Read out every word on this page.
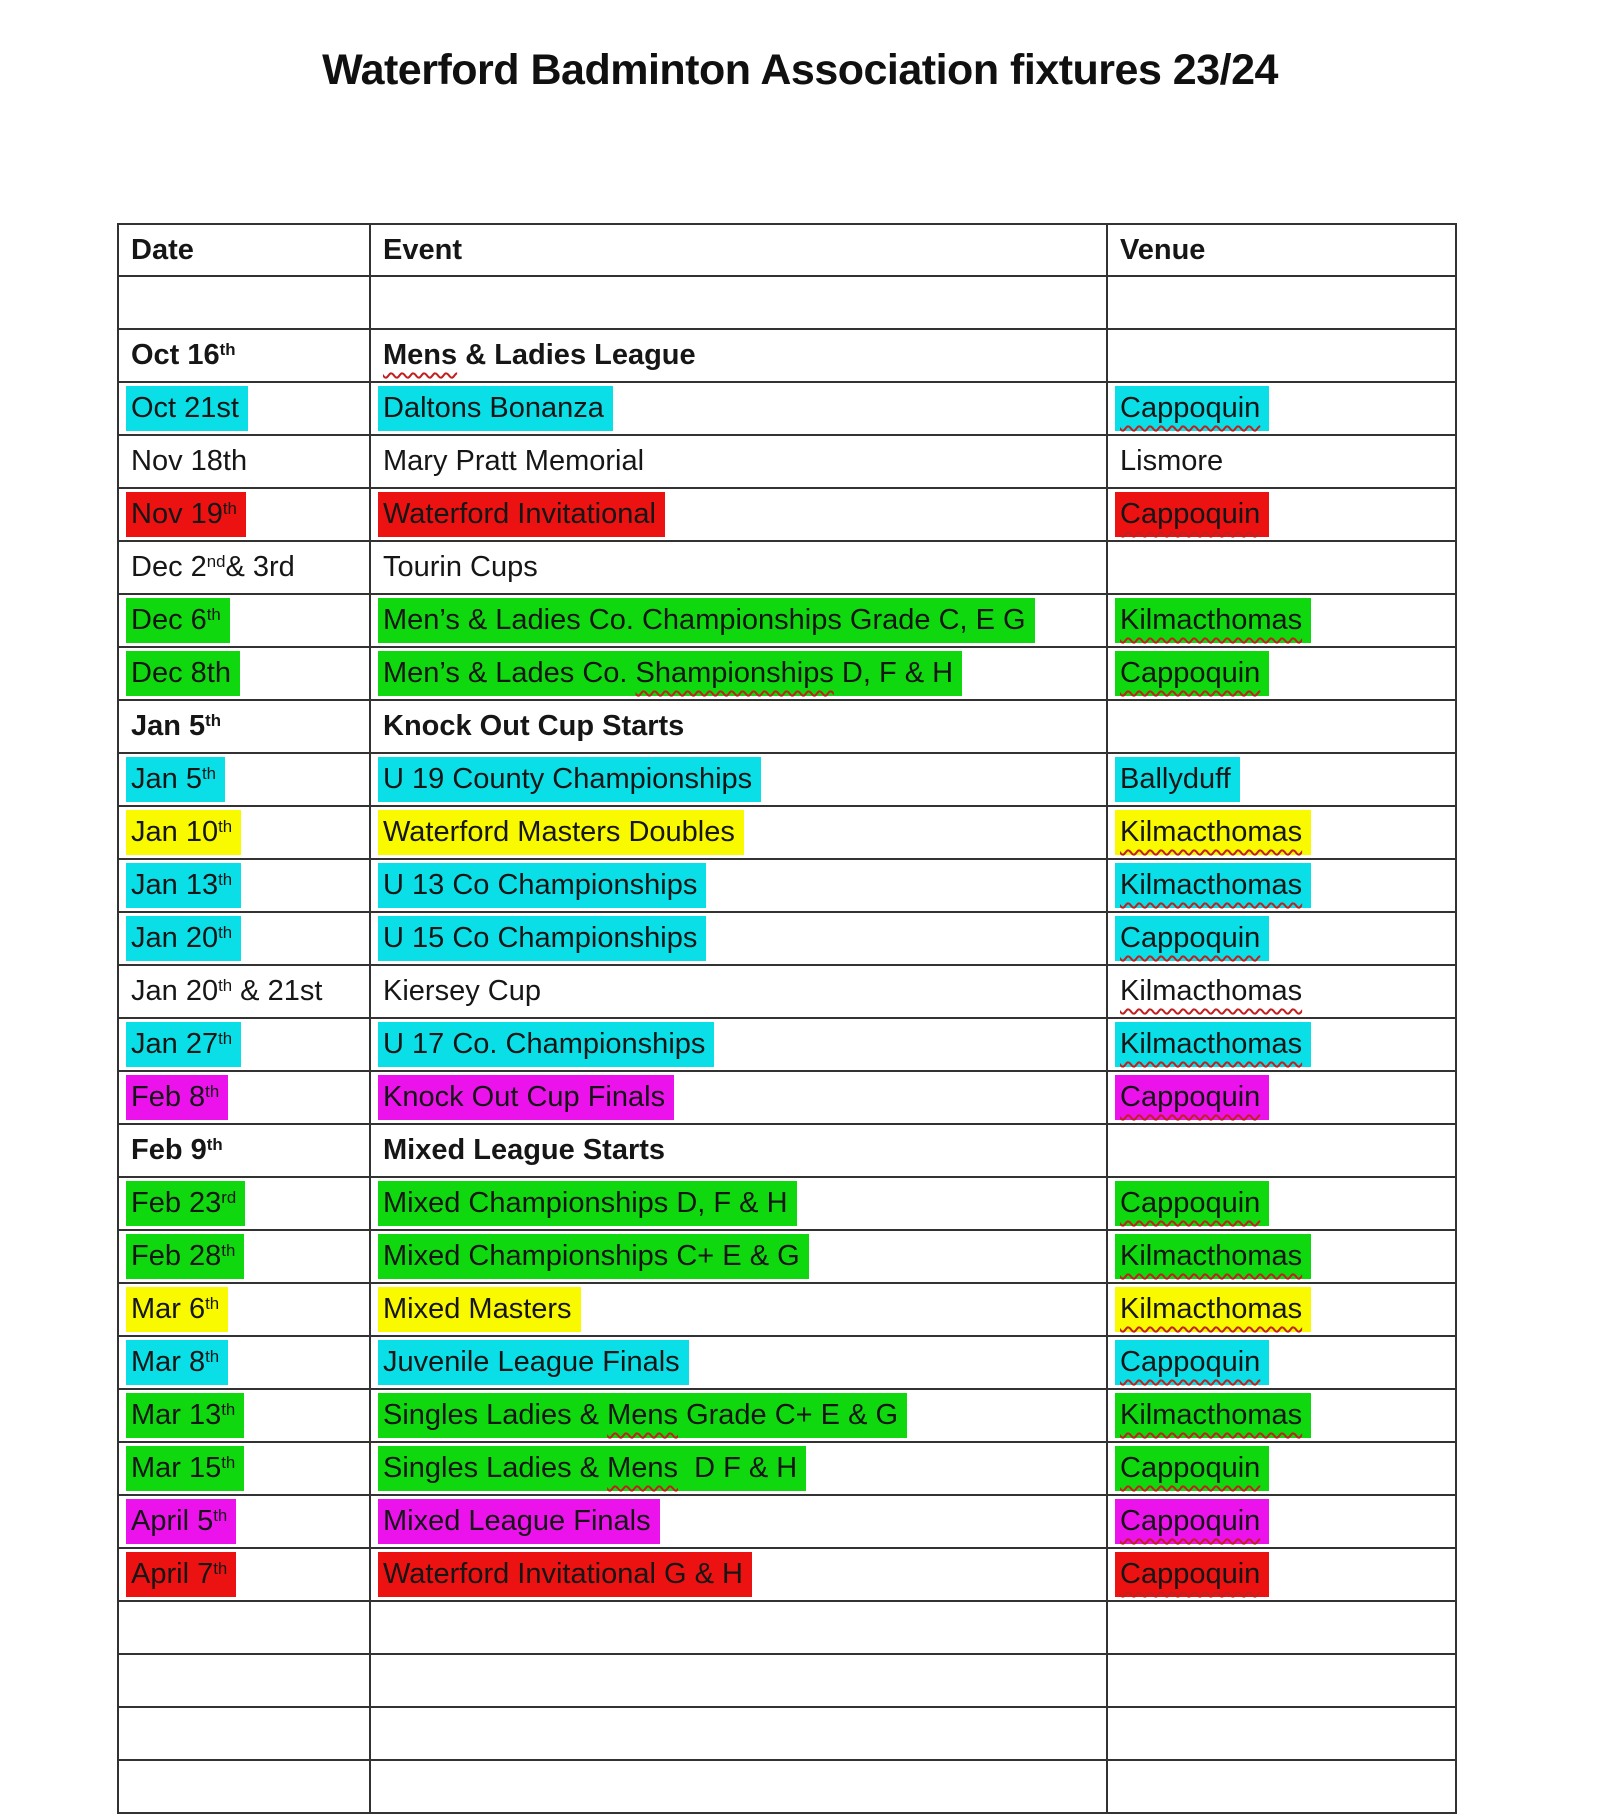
Waterford Badminton Association fixtures 23/24
Date	Event	Venue

Oct 16th	Mens & Ladies League	
Oct 21st	Daltons Bonanza	Cappoquin
Nov 18th	Mary Pratt Memorial	Lismore
Nov 19th	Waterford Invitational	Cappoquin
Dec 2nd& 3rd	Tourin Cups	
Dec 6th	Men’s & Ladies Co. Championships Grade C, E G	Kilmacthomas
Dec 8th	Men’s & Lades Co. Shampionships D, F & H	Cappoquin
Jan 5th	Knock Out Cup Starts	
Jan 5th	U 19 County Championships	Ballyduff
Jan 10th	Waterford Masters Doubles	Kilmacthomas
Jan 13th	U 13 Co Championships	Kilmacthomas
Jan 20th	U 15 Co Championships	Cappoquin
Jan 20th & 21st	Kiersey Cup	Kilmacthomas
Jan 27th	U 17 Co. Championships	Kilmacthomas
Feb 8th	Knock Out Cup Finals	Cappoquin
Feb 9th	Mixed League Starts	
Feb 23rd	Mixed Championships D, F & H	Cappoquin
Feb 28th	Mixed Championships C+ E & G	Kilmacthomas
Mar 6th	Mixed Masters	Kilmacthomas
Mar 8th	Juvenile League Finals	Cappoquin
Mar 13th	Singles Ladies & Mens Grade C+ E & G	Kilmacthomas
Mar 15th	Singles Ladies & Mens  D F & H	Cappoquin
April 5th	Mixed League Finals	Cappoquin
April 7th	Waterford Invitational G & H	Cappoquin
